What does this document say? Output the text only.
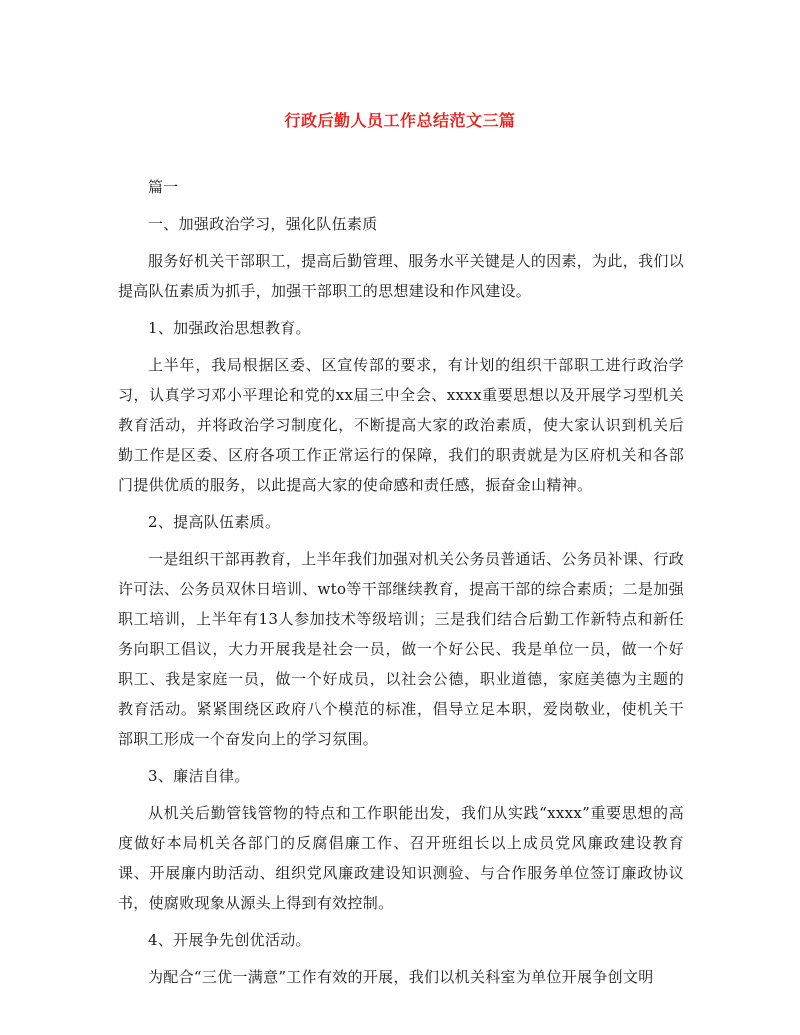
行政后勤人员工作总结范文三篇

篇一

一、加强政治学习，强化队伍素质

服务好机关干部职工，提高后勤管理、服务水平关键是人的因素，为此，我们以提高队伍素质为抓手，加强干部职工的思想建设和作风建设。

1、加强政治思想教育。

上半年，我局根据区委、区宣传部的要求，有计划的组织干部职工进行政治学习，认真学习邓小平理论和党的xx届三中全会、xxxx重要思想以及开展学习型机关教育活动，并将政治学习制度化，不断提高大家的政治素质，使大家认识到机关后勤工作是区委、区府各项工作正常运行的保障，我们的职责就是为区府机关和各部门提供优质的服务，以此提高大家的使命感和责任感，振奋金山精神。

2、提高队伍素质。

一是组织干部再教育，上半年我们加强对机关公务员普通话、公务员补课、行政许可法、公务员双休日培训、wto等干部继续教育，提高干部的综合素质；二是加强职工培训，上半年有13人参加技术等级培训；三是我们结合后勤工作新特点和新任务向职工倡议，大力开展我是社会一员，做一个好公民、我是单位一员，做一个好职工、我是家庭一员，做一个好成员，以社会公德，职业道德，家庭美德为主题的教育活动。紧紧围绕区政府八个模范的标准，倡导立足本职，爱岗敬业，使机关干部职工形成一个奋发向上的学习氛围。

3、廉洁自律。

从机关后勤管钱管物的特点和工作职能出发，我们从实践“xxxx”重要思想的高度做好本局机关各部门的反腐倡廉工作、召开班组长以上成员党风廉政建设教育课、开展廉内助活动、组织党风廉政建设知识测验、与合作服务单位签订廉政协议书，使腐败现象从源头上得到有效控制。

4、开展争先创优活动。

为配合“三优一满意”工作有效的开展，我们以机关科室为单位开展争创文明
